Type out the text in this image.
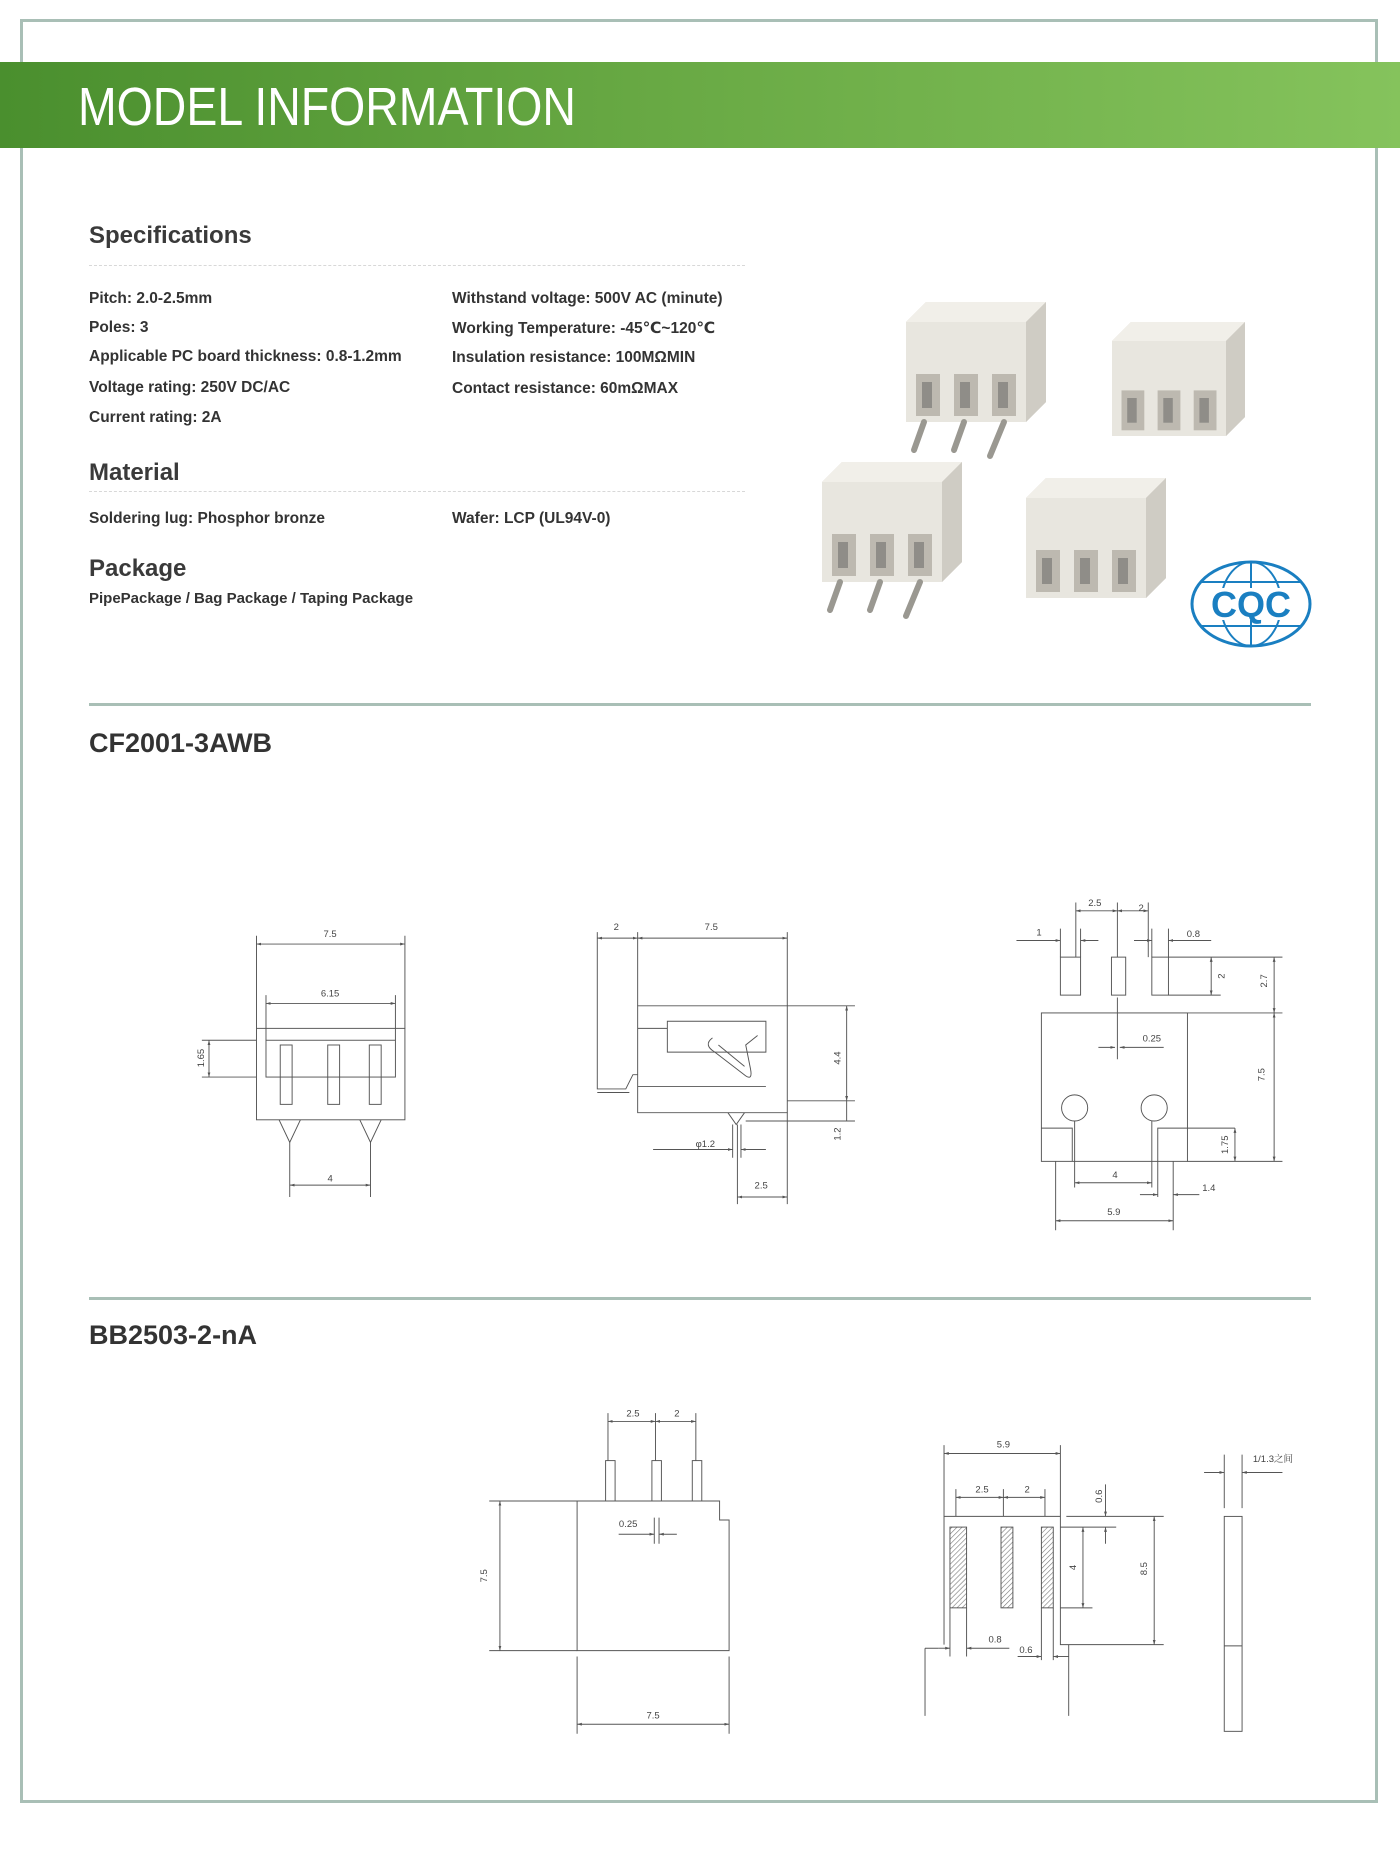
MODEL INFORMATION
Specifications
Pitch: 2.0-2.5mm
Poles: 3
Applicable PC board thickness: 0.8-1.2mm
Voltage rating: 250V DC/AC
Current rating: 2A
Withstand voltage: 500V AC (minute)
Working Temperature: -45℃~120℃
Insulation resistance: 100MΩMIN
Contact resistance: 60mΩMAX
Material
Soldering lug: Phosphor bronze	Wafer: LCP (UL94V-0)
Package
PipePackage / Bag Package / Taping Package	CQC
CF2001-3AWB
BB2503-2-nA
7.5
6.15
1.65
4
2	7.5
4.4
1.2
φ1.2
2.5
2.5	2
1	0.8
2	2.7
7.5
0.25
1.75
4
1.4
5.9
2.5	2
0.25
7.5
7.5
5.9
2.5	2	0.6
4	8.5
0.8
0.6
1/1.3之间
